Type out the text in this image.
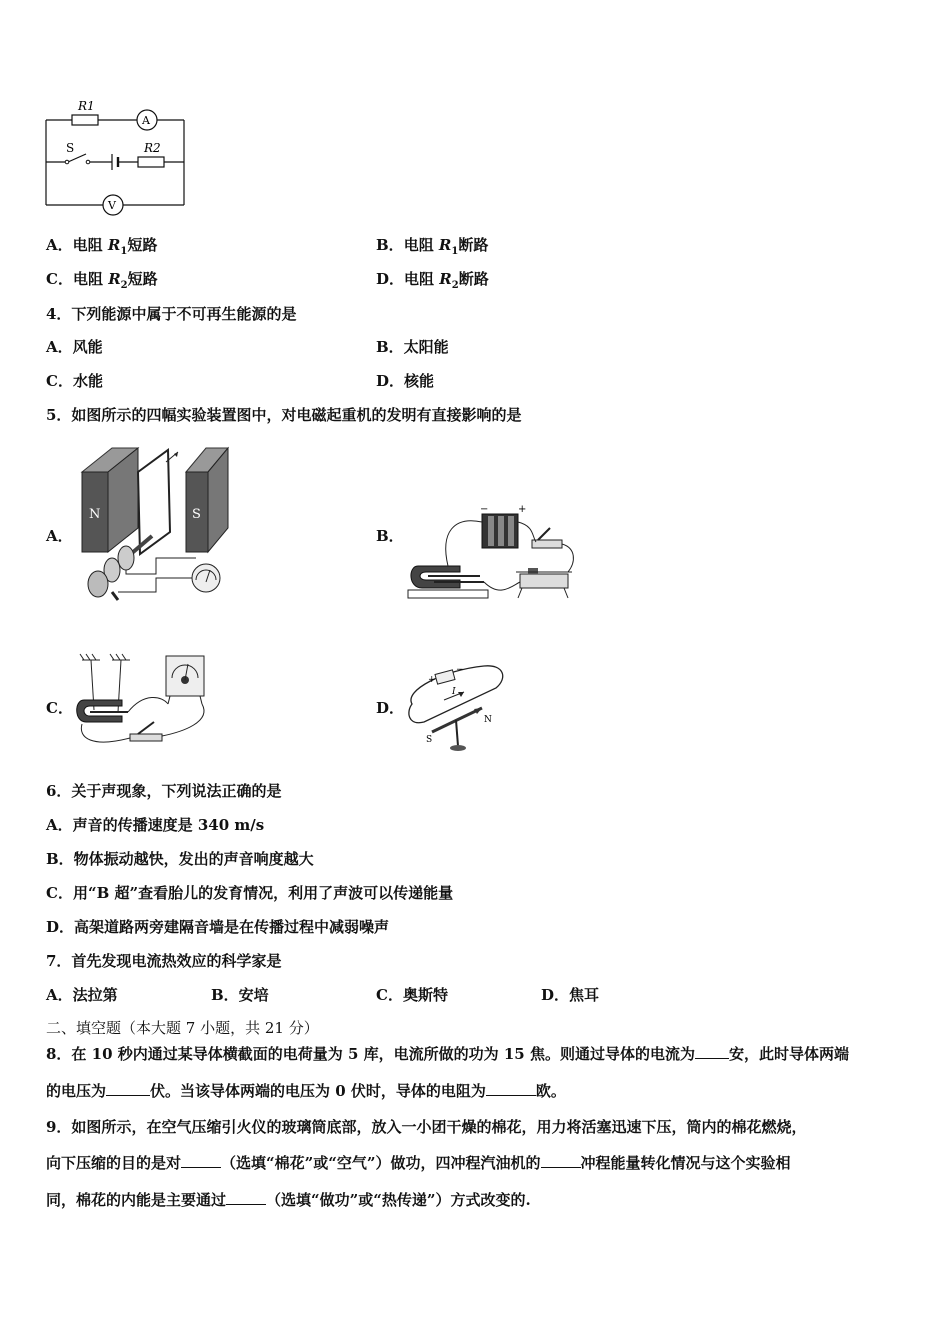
R1
A
S	R2
V
A．电阻 $R_1$短路	B．电阻 $R_1$断路
C．电阻 $R_2$短路	D．电阻 $R_2$断路
4．下列能源中属于不可再生能源的是
A．风能	B．太阳能
C．水能	D．核能
5．如图所示的四幅实验装置图中，对电磁起重机的发明有直接影响的是
A．
N	S
B．
−	+
C．	D．
+
−
I
N
S
6．关于声现象，下列说法正确的是
A．声音的传播速度是 340 m/s
B．物体振动越快，发出的声音响度越大
C．用“B 超”查看胎儿的发育情况，利用了声波可以传递能量
D．高架道路两旁建隔音墙是在传播过程中减弱噪声
7．首先发现电流热效应的科学家是
A．法拉第	B．安培	C．奥斯特	D．焦耳
二、填空题（本大题 7 小题，共 21 分）
8．在 10 秒内通过某导体横截面的电荷量为 5 库，电流所做的功为 15 焦。则通过导体的电流为 安，此时导体两端
的电压为	伏。当该导体两端的电压为 0 伏时，导体的电阻为	欧。
9．如图所示，在空气压缩引火仪的玻璃筒底部，放入一小团干燥的棉花，用力将活塞迅速下压，筒内的棉花燃烧，
向下压缩的目的是对	（选填“棉花”或“空气”）做功，四冲程汽油机的	冲程能量转化情况与这个实验相
同，棉花的内能是主要通过	（选填“做功”或“热传递”）方式改变的.
